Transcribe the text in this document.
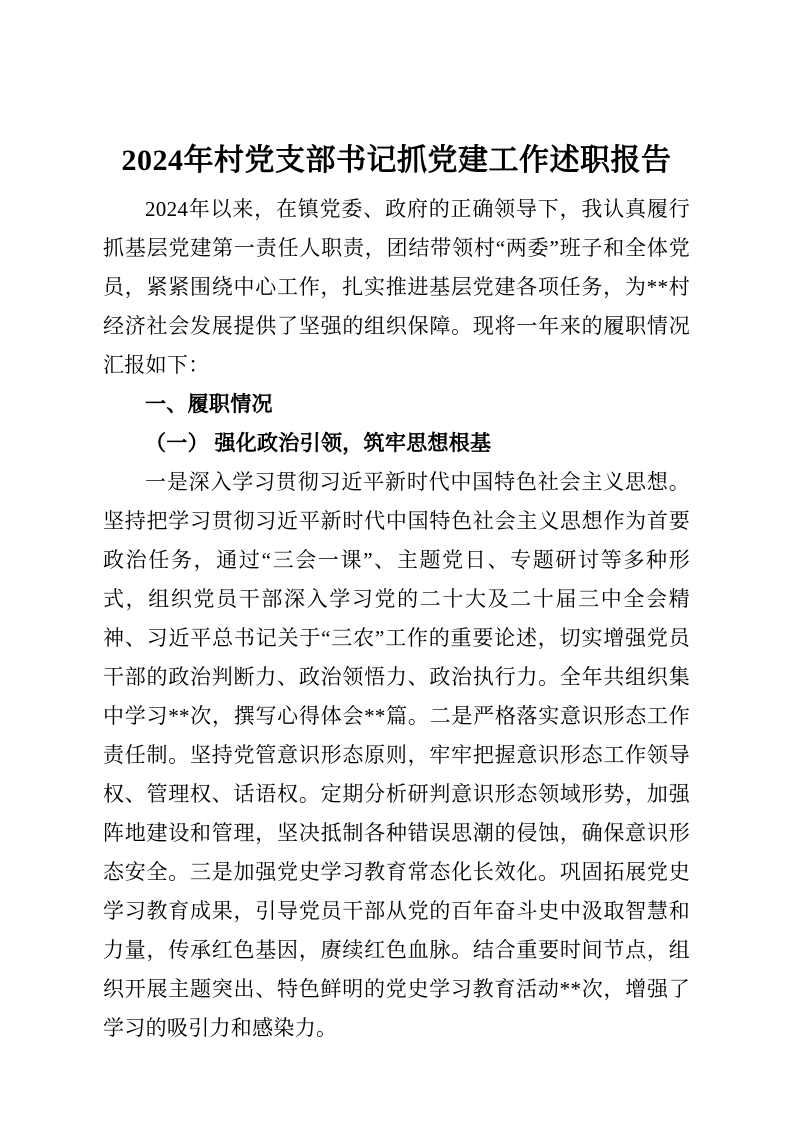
2024年村党支部书记抓党建工作述职报告

2024年以来，在镇党委、政府的正确领导下，我认真履行抓基层党建第一责任人职责，团结带领村“两委”班子和全体党员，紧紧围绕中心工作，扎实推进基层党建各项任务，为**村经济社会发展提供了坚强的组织保障。现将一年来的履职情况汇报如下：

一、履职情况
（一） 强化政治引领，筑牢思想根基

一是深入学习贯彻习近平新时代中国特色社会主义思想。坚持把学习贯彻习近平新时代中国特色社会主义思想作为首要政治任务，通过“三会一课”、主题党日、专题研讨等多种形式，组织党员干部深入学习党的二十大及二十届三中全会精神、习近平总书记关于“三农”工作的重要论述，切实增强党员干部的政治判断力、政治领悟力、政治执行力。全年共组织集中学习**次，撰写心得体会**篇。二是严格落实意识形态工作责任制。坚持党管意识形态原则，牢牢把握意识形态工作领导权、管理权、话语权。定期分析研判意识形态领域形势，加强阵地建设和管理，坚决抵制各种错误思潮的侵蚀，确保意识形态安全。三是加强党史学习教育常态化长效化。巩固拓展党史学习教育成果，引导党员干部从党的百年奋斗史中汲取智慧和力量，传承红色基因，赓续红色血脉。结合重要时间节点，组织开展主题突出、特色鲜明的党史学习教育活动**次，增强了学习的吸引力和感染力。
